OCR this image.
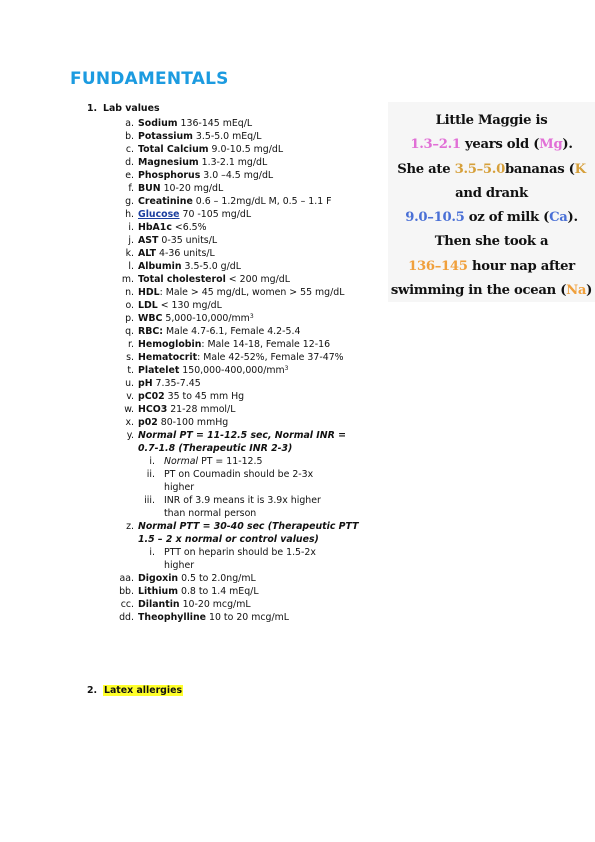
FUNDAMENTALS
1. Lab values
a. Sodium 136-145 mEq/L
b. Potassium 3.5-5.0 mEq/L
c. Total Calcium 9.0-10.5 mg/dL
d. Magnesium 1.3-2.1 mg/dL
e. Phosphorus 3.0 –4.5 mg/dL
f. BUN 10-20 mg/dL
g. Creatinine 0.6 – 1.2mg/dL M, 0.5 – 1.1 F
h. Glucose 70 -105 mg/dL
i. HbA1c <6.5%
j. AST 0-35 units/L
k. ALT 4-36 units/L
l. Albumin 3.5-5.0 g/dL
m. Total cholesterol < 200 mg/dL
n. HDL: Male > 45 mg/dL, women > 55 mg/dL
o. LDL < 130 mg/dL
p. WBC $5,000-10,000/mm^3$
q. RBC: Male 4.7-6.1, Female 4.2-5.4
r. Hemoglobin: Male 14-18, Female 12-16
s. Hematocrit: Male 42-52%, Female 37-47%
t. Platelet $150,000-400,000/mm^3$
u. pH 7.35-7.45
v. pC02 35 to 45 mm Hg
w. HCO3 21-28 mmol/L
x. p02 80-100 mmHg
y. Normal PT = 11-12.5 sec, Normal INR = 0.7-1.8 (Therapeutic INR 2-3)
i. Normal PT = 11-12.5
ii. PT on Coumadin should be 2-3x higher
iii. INR of 3.9 means it is 3.9x higher than normal person
z. Normal PTT = 30-40 sec (Therapeutic PTT 1.5 – 2 x normal or control values)
i. PTT on heparin should be 1.5-2x higher
aa. Digoxin 0.5 to 2.0ng/mL
bb. Lithium 0.8 to 1.4 mEq/L
cc. Dilantin 10-20 mcg/mL
dd. Theophylline 10 to 20 mcg/mL
2. Latex allergies
Little Maggie is
1.3–2.1 years old (Mg).
She ate 3.5–5.0bananas (K
and drank
9.0–10.5 oz of milk (Ca).
Then she took a
136–145 hour nap after
swimming in the ocean (Na)
